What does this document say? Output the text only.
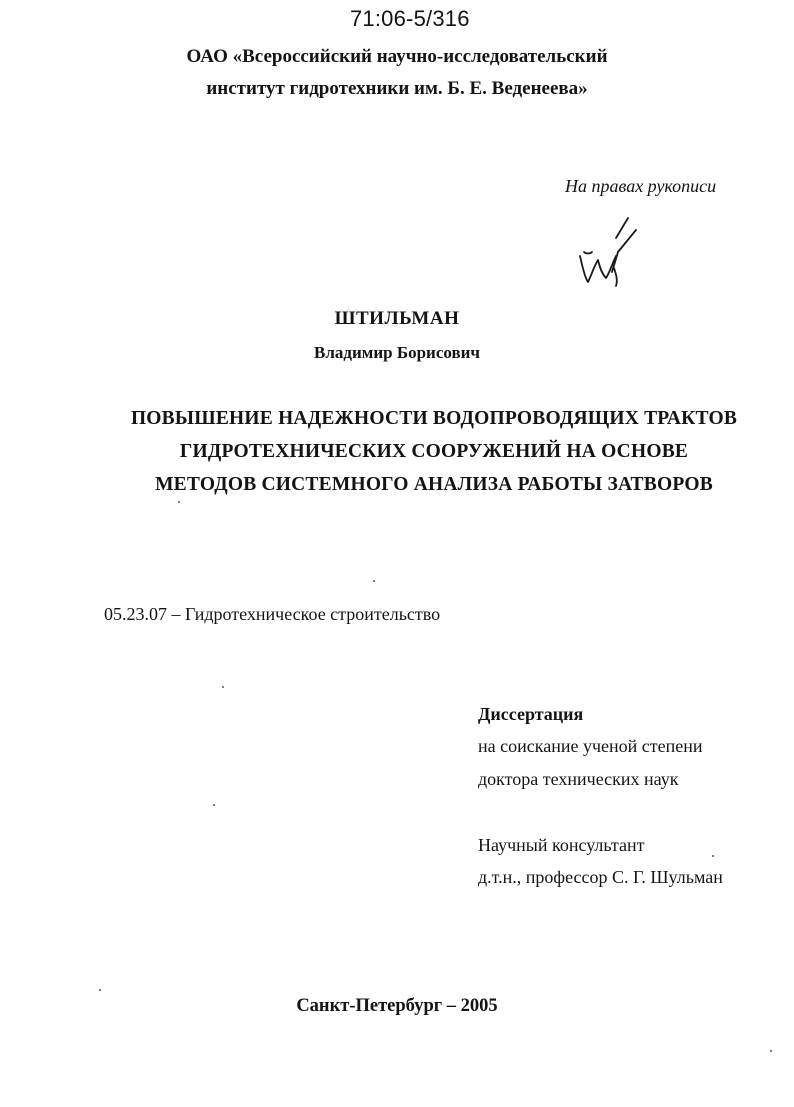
71:06-5/316
ОАО «Всероссийский научно-исследовательский
институт гидротехники им. Б. Е. Веденеева»
На правах рукописи
ШТИЛЬМАН
Владимир Борисович
ПОВЫШЕНИЕ НАДЕЖНОСТИ ВОДОПРОВОДЯЩИХ ТРАКТОВ
ГИДРОТЕХНИЧЕСКИХ СООРУЖЕНИЙ НА ОСНОВЕ
МЕТОДОВ СИСТЕМНОГО АНАЛИЗА РАБОТЫ ЗАТВОРОВ
05.23.07 – Гидротехническое строительство
Диссертация
на соискание ученой степени
доктора технических наук
Научный консультант
д.т.н., профессор С. Г. Шульман
Санкт-Петербург – 2005
